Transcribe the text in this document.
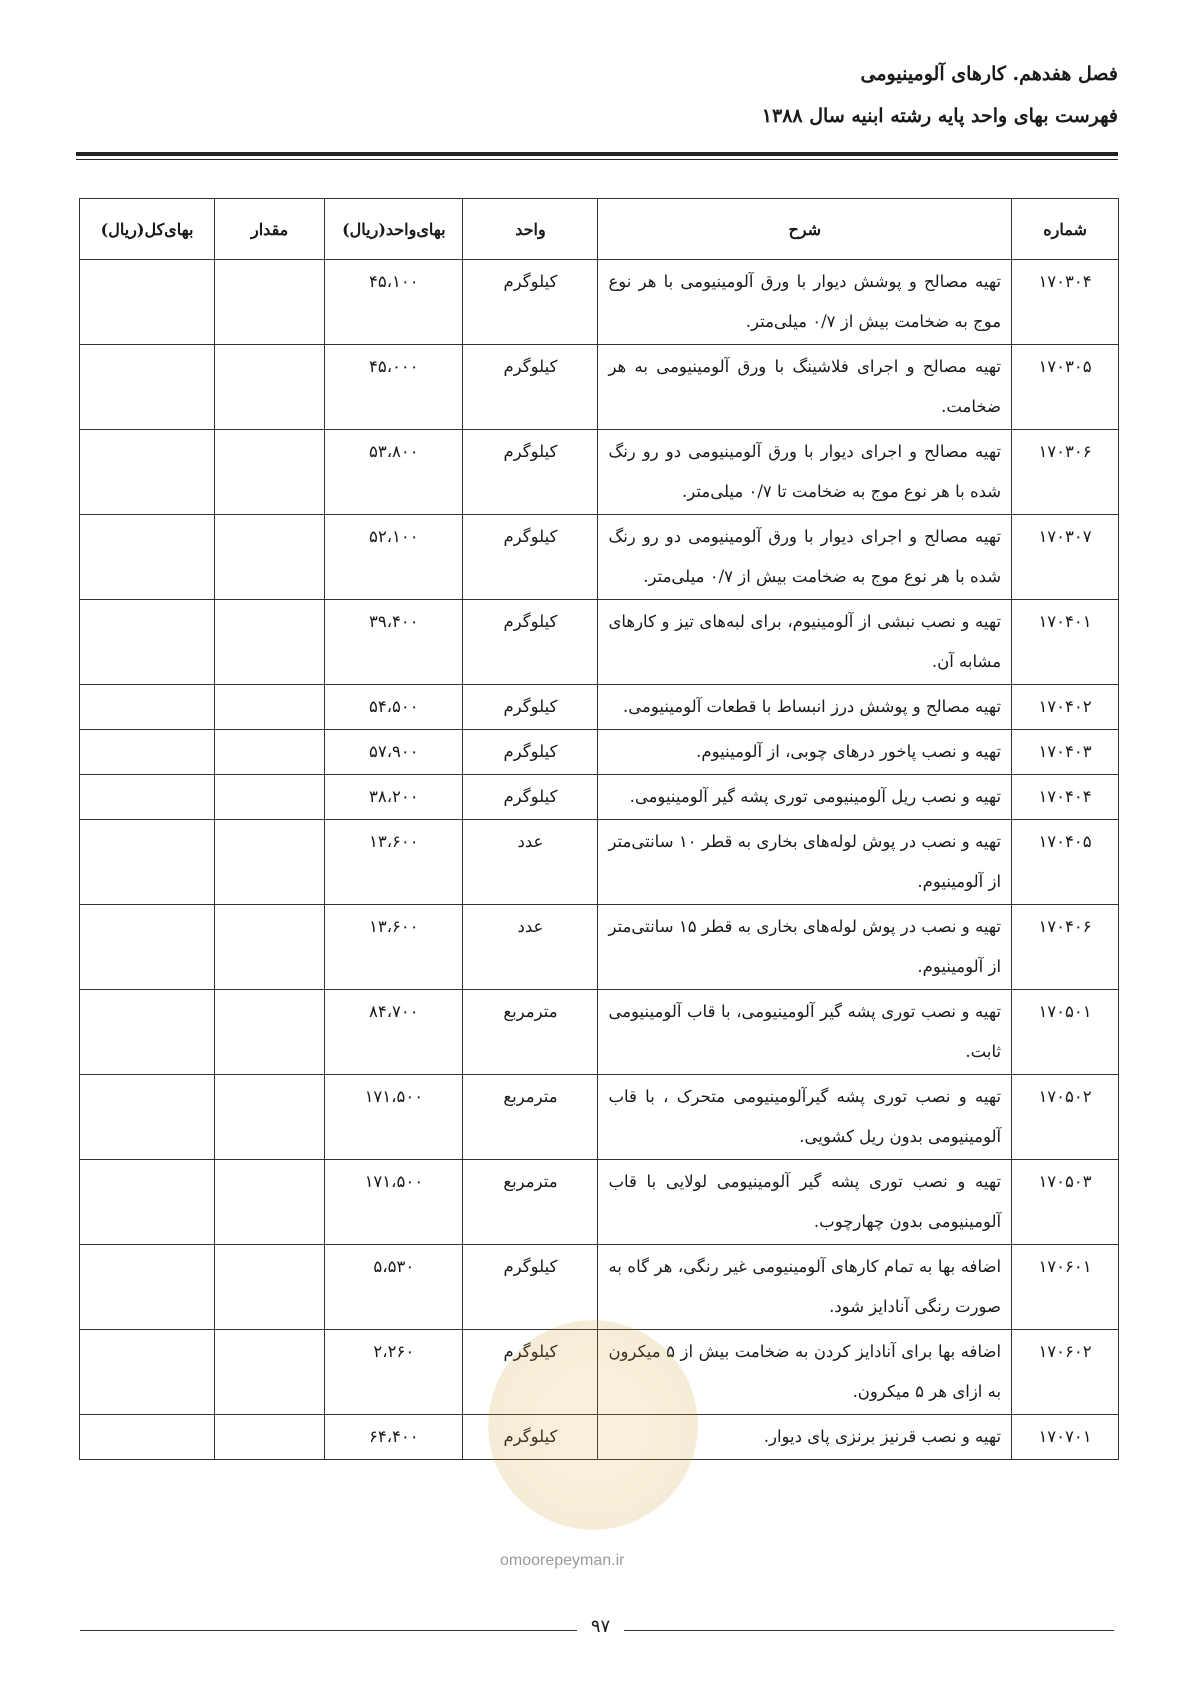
فصل هفدهم. کارهای آلومینیومی
فهرست بهای واحد پایه رشته ابنیه سال ۱۳۸۸
شماره	شرح	واحد	بهای‌واحد(ریال)	مقدار	بهای‌کل(ریال)
۱۷۰۳۰۴	تهیه مصالح و پوشش دیوار با ورق آلومینیومی با هر نوع موج به ضخامت بیش از ۰/۷ میلی‌متر.	کیلوگرم	۴۵،۱۰۰		
۱۷۰۳۰۵	تهیه مصالح و اجرای فلاشینگ با ورق آلومینیومی به هر ضخامت.	کیلوگرم	۴۵،۰۰۰		
۱۷۰۳۰۶	تهیه مصالح و اجرای دیوار با ورق آلومینیومی دو رو رنگ شده با هر نوع موج به ضخامت تا ۰/۷ میلی‌متر.	کیلوگرم	۵۳،۸۰۰		
۱۷۰۳۰۷	تهیه مصالح و اجرای دیوار با ورق آلومینیومی دو رو رنگ شده با هر نوع موج به ضخامت بیش از ۰/۷ میلی‌متر.	کیلوگرم	۵۲،۱۰۰		
۱۷۰۴۰۱	تهیه و نصب نبشی از آلومینیوم، برای لبه‌های تیز و کارهای مشابه آن.	کیلوگرم	۳۹،۴۰۰		
۱۷۰۴۰۲	تهیه مصالح و پوشش درز انبساط با قطعات آلومینیومی.	کیلوگرم	۵۴،۵۰۰		
۱۷۰۴۰۳	تهیه و نصب پاخور درهای چوبی، از آلومینیوم.	کیلوگرم	۵۷،۹۰۰		
۱۷۰۴۰۴	تهیه و نصب ریل آلومینیومی توری پشه گیر آلومینیومی.	کیلوگرم	۳۸،۲۰۰		
۱۷۰۴۰۵	تهیه و نصب در پوش لوله‌های بخاری به قطر ۱۰ سانتی‌متر از آلومینیوم.	عدد	۱۳،۶۰۰		
۱۷۰۴۰۶	تهیه و نصب در پوش لوله‌های بخاری به قطر ۱۵ سانتی‌متر از آلومینیوم.	عدد	۱۳،۶۰۰		
۱۷۰۵۰۱	تهیه و نصب توری پشه گیر آلومینیومی، با قاب آلومینیومی ثابت.	مترمربع	۸۴،۷۰۰		
۱۷۰۵۰۲	تهیه و نصب توری پشه گیرآلومینیومی متحرک ، با قاب آلومینیومی بدون ریل کشویی.	مترمربع	۱۷۱،۵۰۰		
۱۷۰۵۰۳	تهیه و نصب توری پشه گیر آلومینیومی لولایی با قاب آلومینیومی بدون چهارچوب.	مترمربع	۱۷۱،۵۰۰		
۱۷۰۶۰۱	اضافه بها به تمام کارهای آلومینیومی غیر رنگی، هر گاه به صورت رنگی آنادایز شود.	کیلوگرم	۵،۵۳۰		
۱۷۰۶۰۲	اضافه بها برای آنادایز کردن به ضخامت بیش از ۵ میکرون به ازای هر ۵ میکرون.	کیلوگرم	۲،۲۶۰		
۱۷۰۷۰۱	تهیه و نصب قرنیز برنزی پای دیوار.	کیلوگرم	۶۴،۴۰۰		
omoorepeyman.ir
۹۷
